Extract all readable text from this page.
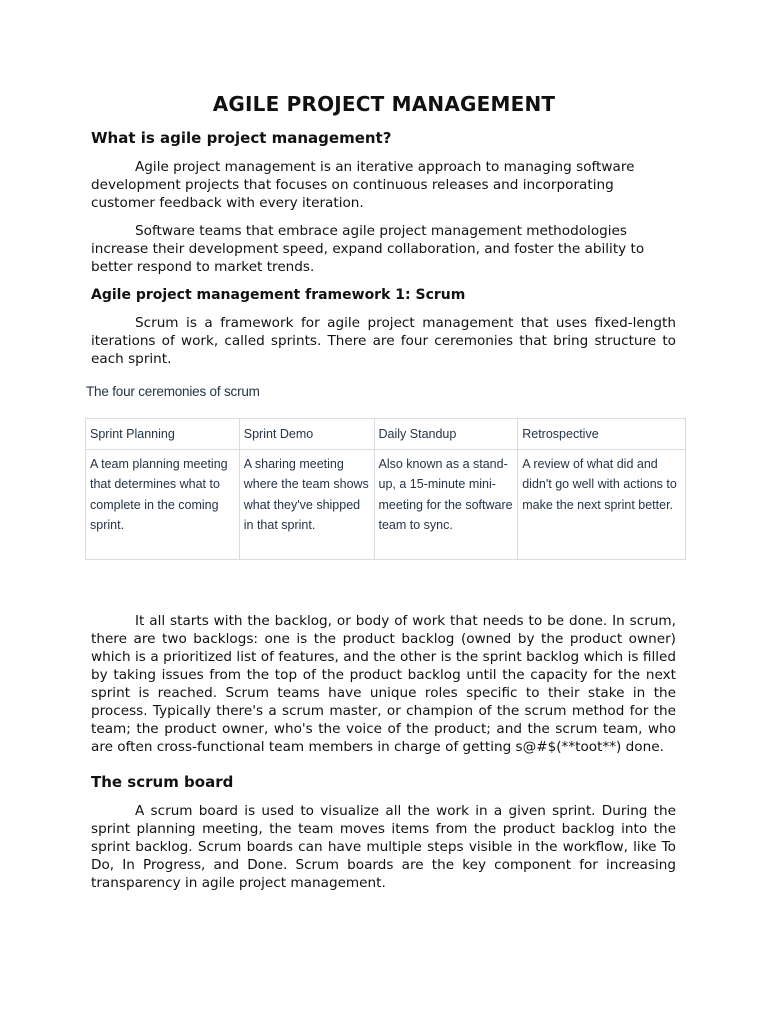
AGILE PROJECT MANAGEMENT
What is agile project management?

Agile project management is an iterative approach to managing software development projects that focuses on continuous releases and incorporating customer feedback with every iteration.

Software teams that embrace agile project management methodologies increase their development speed, expand collaboration, and foster the ability to better respond to market trends.

Agile project management framework 1: Scrum

Scrum is a framework for agile project management that uses fixed-length iterations of work, called sprints. There are four ceremonies that bring structure to each sprint.

The four ceremonies of scrum
Sprint Planning	Sprint Demo	Daily Standup	Retrospective
A team planning meeting that determines what to complete in the coming sprint.	A sharing meeting where the team shows what they've shipped in that sprint.	Also known as a stand-up, a 15-minute mini-meeting for the software team to sync.	A review of what did and didn't go well with actions to make the next sprint better.

It all starts with the backlog, or body of work that needs to be done. In scrum, there are two backlogs: one is the product backlog (owned by the product owner) which is a prioritized list of features, and the other is the sprint backlog which is filled by taking issues from the top of the product backlog until the capacity for the next sprint is reached. Scrum teams have unique roles specific to their stake in the process. Typically there's a scrum master, or champion of the scrum method for the team; the product owner, who's the voice of the product; and the scrum team, who are often cross-functional team members in charge of getting s@#$(**toot**) done.

The scrum board

A scrum board is used to visualize all the work in a given sprint. During the sprint planning meeting, the team moves items from the product backlog into the sprint backlog. Scrum boards can have multiple steps visible in the workflow, like To Do, In Progress, and Done. Scrum boards are the key component for increasing transparency in agile project management.
